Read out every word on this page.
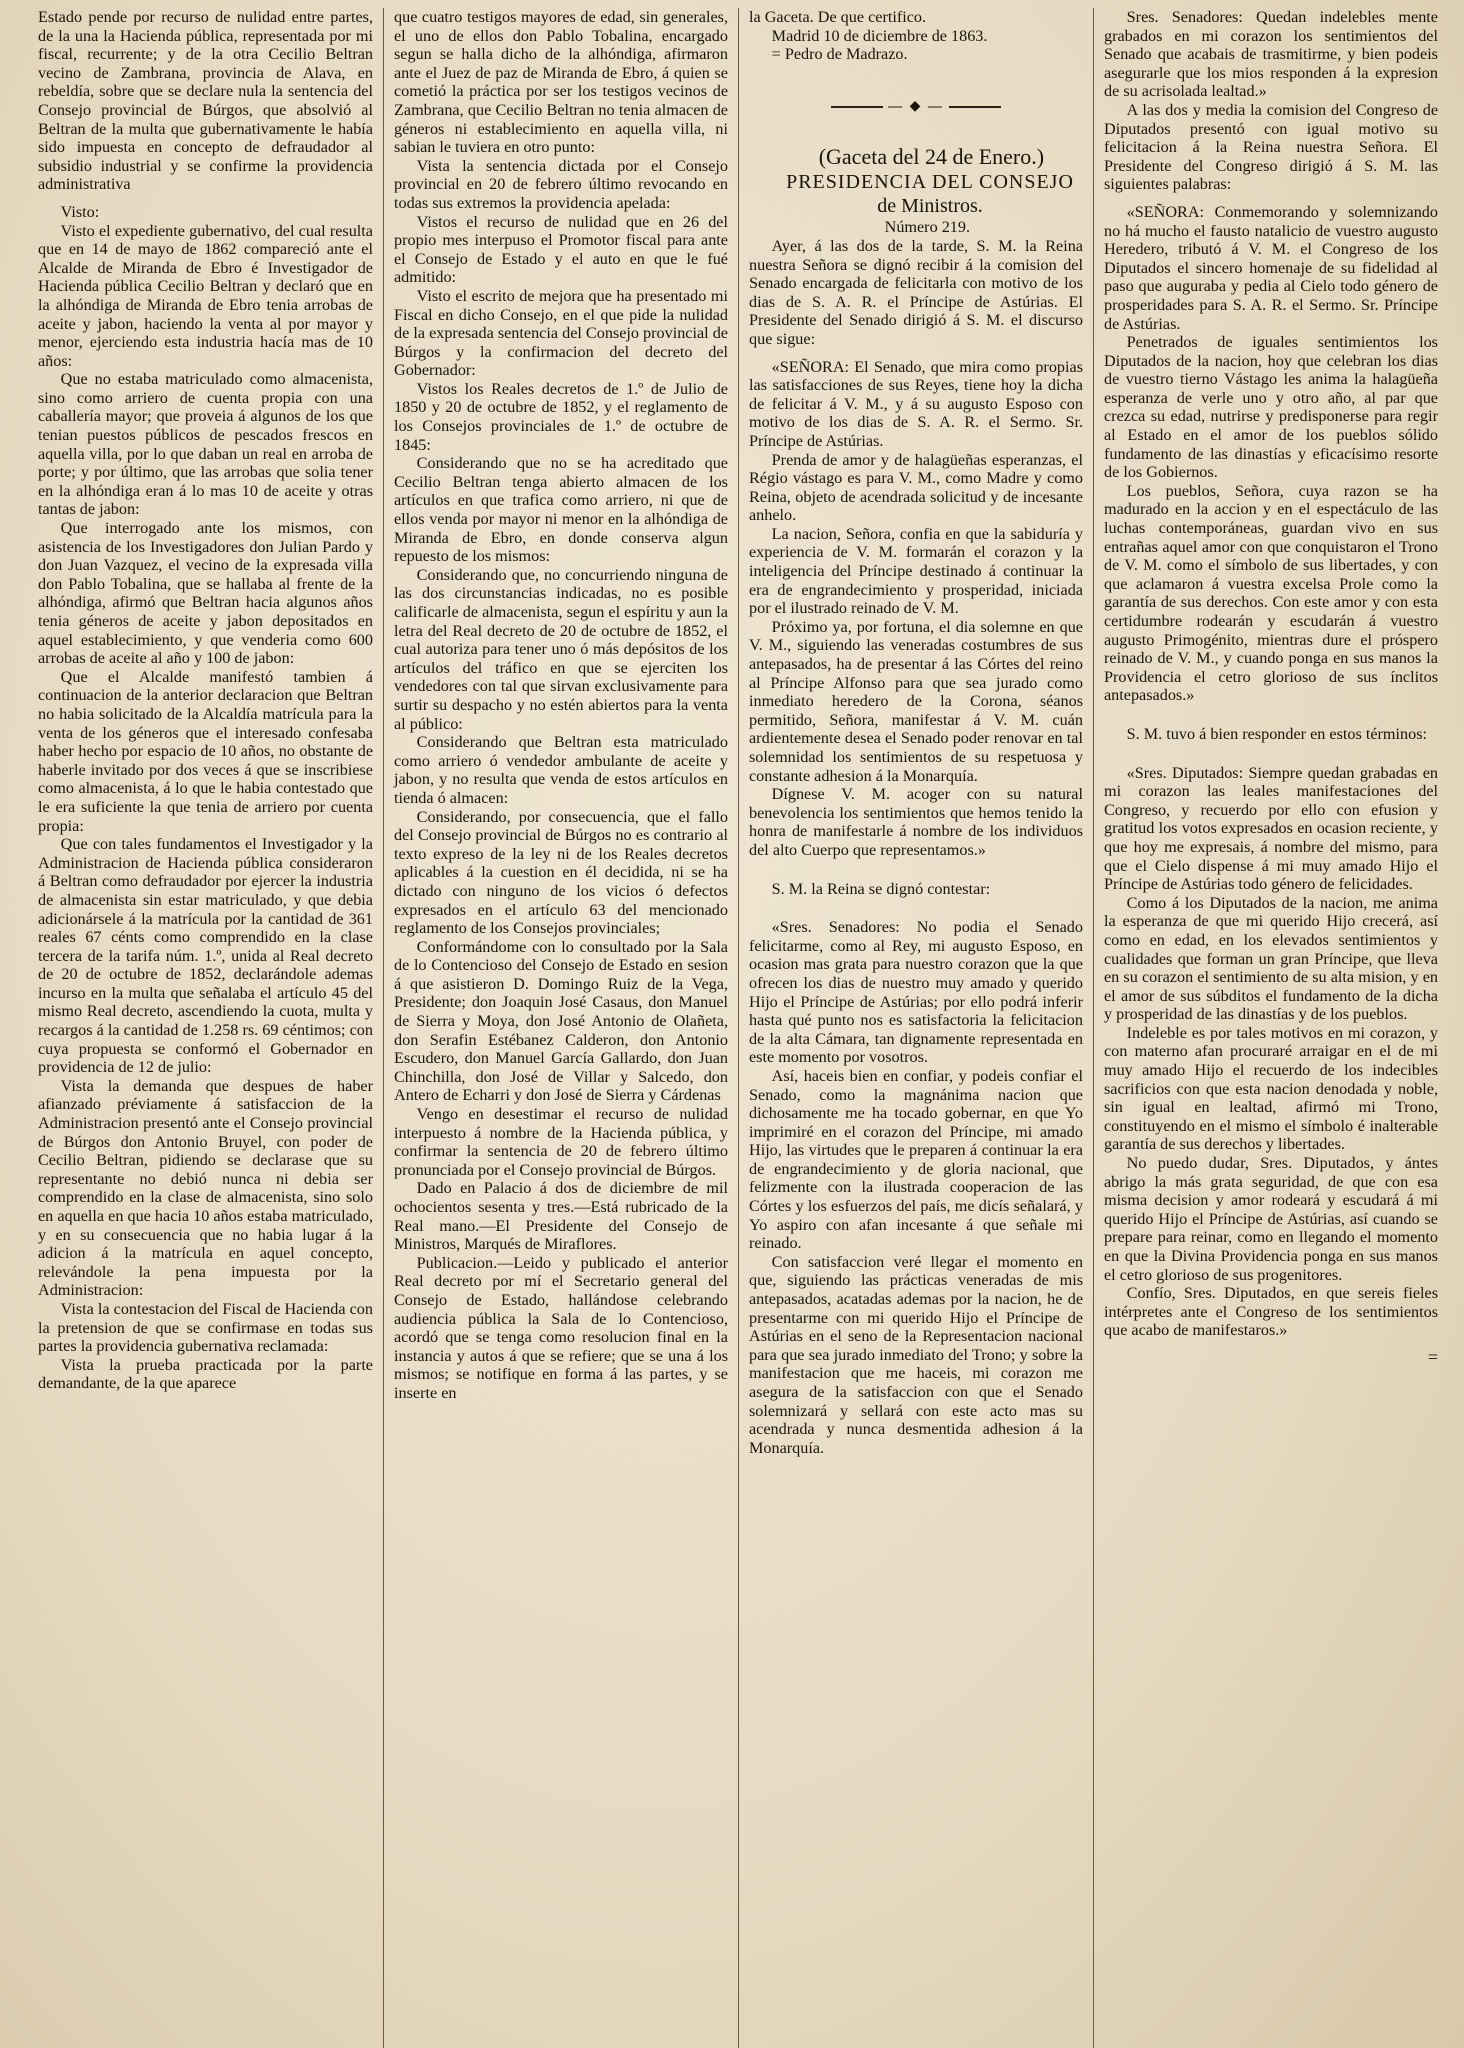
Estado pende por recurso de nulidad entre partes, de la una la Hacienda pública, representada por mi fiscal, recurrente; y de la otra Cecilio Beltran vecino de Zambrana, provincia de Alava, en rebeldía, sobre que se declare nula la sentencia del Consejo provincial de Búrgos, que absolvió al Beltran de la multa que gubernativamente le había sido impuesta en concepto de defraudador al subsidio industrial y se confirme la providencia administrativa

Visto:

Visto el expediente gubernativo, del cual resulta que en 14 de mayo de 1862 compareció ante el Alcalde de Miranda de Ebro é Investigador de Hacienda pública Cecilio Beltran y declaró que en la alhóndiga de Miranda de Ebro tenia arrobas de aceite y jabon, haciendo la venta al por mayor y menor, ejerciendo esta industria hacía mas de 10 años:

Que no estaba matriculado como almacenista, sino como arriero de cuenta propia con una caballería mayor; que proveia á algunos de los que tenian puestos públicos de pescados frescos en aquella villa, por lo que daban un real en arroba de porte; y por último, que las arrobas que solia tener en la alhóndiga eran á lo mas 10 de aceite y otras tantas de jabon:

Que interrogado ante los mismos, con asistencia de los Investigadores don Julian Pardo y don Juan Vazquez, el vecino de la expresada villa don Pablo Tobalina, que se hallaba al frente de la alhóndiga, afirmó que Beltran hacia algunos años tenia géneros de aceite y jabon depositados en aquel establecimiento, y que venderia como 600 arrobas de aceite al año y 100 de jabon:

Que el Alcalde manifestó tambien á continuacion de la anterior declaracion que Beltran no habia solicitado de la Alcaldía matrícula para la venta de los géneros que el interesado confesaba haber hecho por espacio de 10 años, no obstante de haberle invitado por dos veces á que se inscribiese como almacenista, á lo que le habia contestado que le era suficiente la que tenia de arriero por cuenta propia:

Que con tales fundamentos el Investigador y la Administracion de Hacienda pública consideraron á Beltran como defraudador por ejercer la industria de almacenista sin estar matriculado, y que debia adicionársele á la matrícula por la cantidad de 361 reales 67 cénts como comprendido en la clase tercera de la tarifa núm. 1.º, unida al Real decreto de 20 de octubre de 1852, declarándole ademas incurso en la multa que señalaba el artículo 45 del mismo Real decreto, ascendiendo la cuota, multa y recargos á la cantidad de 1.258 rs. 69 céntimos; con cuya propuesta se conformó el Gobernador en providencia de 12 de julio:

Vista la demanda que despues de haber afianzado préviamente á satisfaccion de la Administracion presentó ante el Consejo provincial de Búrgos don Antonio Bruyel, con poder de Cecilio Beltran, pidiendo se declarase que su representante no debió nunca ni debia ser comprendido en la clase de almacenista, sino solo en aquella en que hacia 10 años estaba matriculado, y en su consecuencia que no habia lugar á la adicion á la matrícula en aquel concepto, relevándole la pena impuesta por la Administracion:

Vista la contestacion del Fiscal de Hacienda con la pretension de que se confirmase en todas sus partes la providencia gubernativa reclamada:

Vista la prueba practicada por la parte demandante, de la que aparece

que cuatro testigos mayores de edad, sin generales, el uno de ellos don Pablo Tobalina, encargado segun se halla dicho de la alhóndiga, afirmaron ante el Juez de paz de Miranda de Ebro, á quien se cometió la práctica por ser los testigos vecinos de Zambrana, que Cecilio Beltran no tenia almacen de géneros ni establecimiento en aquella villa, ni sabian le tuviera en otro punto:

Vista la sentencia dictada por el Consejo provincial en 20 de febrero último revocando en todas sus extremos la providencia apelada:

Vistos el recurso de nulidad que en 26 del propio mes interpuso el Promotor fiscal para ante el Consejo de Estado y el auto en que le fué admitido:

Visto el escrito de mejora que ha presentado mi Fiscal en dicho Consejo, en el que pide la nulidad de la expresada sentencia del Consejo provincial de Búrgos y la confirmacion del decreto del Gobernador:

Vistos los Reales decretos de 1.º de Julio de 1850 y 20 de octubre de 1852, y el reglamento de los Consejos provinciales de 1.º de octubre de 1845:

Considerando que no se ha acreditado que Cecilio Beltran tenga abierto almacen de los artículos en que trafica como arriero, ni que de ellos venda por mayor ni menor en la alhóndiga de Miranda de Ebro, en donde conserva algun repuesto de los mismos:

Considerando que, no concurriendo ninguna de las dos circunstancias indicadas, no es posible calificarle de almacenista, segun el espíritu y aun la letra del Real decreto de 20 de octubre de 1852, el cual autoriza para tener uno ó más depósitos de los artículos del tráfico en que se ejerciten los vendedores con tal que sirvan exclusivamente para surtir su despacho y no estén abiertos para la venta al público:

Considerando que Beltran esta matriculado como arriero ó vendedor ambulante de aceite y jabon, y no resulta que venda de estos artículos en tienda ó almacen:

Considerando, por consecuencia, que el fallo del Consejo provincial de Búrgos no es contrario al texto expreso de la ley ni de los Reales decretos aplicables á la cuestion en él decidida, ni se ha dictado con ninguno de los vicios ó defectos expresados en el artículo 63 del mencionado reglamento de los Consejos provinciales;

Conformándome con lo consultado por la Sala de lo Contencioso del Consejo de Estado en sesion á que asistieron D. Domingo Ruiz de la Vega, Presidente; don Joaquin José Casaus, don Manuel de Sierra y Moya, don José Antonio de Olañeta, don Serafin Estébanez Calderon, don Antonio Escudero, don Manuel García Gallardo, don Juan Chinchilla, don José de Villar y Salcedo, don Antero de Echarri y don José de Sierra y Cárdenas

Vengo en desestimar el recurso de nulidad interpuesto á nombre de la Hacienda pública, y confirmar la sentencia de 20 de febrero último pronunciada por el Consejo provincial de Búrgos.

Dado en Palacio á dos de diciembre de mil ochocientos sesenta y tres.—Está rubricado de la Real mano.—El Presidente del Consejo de Ministros, Marqués de Miraflores.

Publicacion.—Leido y publicado el anterior Real decreto por mí el Secretario general del Consejo de Estado, hallándose celebrando audiencia pública la Sala de lo Contencioso, acordó que se tenga como resolucion final en la instancia y autos á que se refiere; que se una á los mismos; se notifique en forma á las partes, y se inserte en

la Gaceta. De que certifico.

Madrid 10 de diciembre de 1863.

= Pedro de Madrazo.

— ◆ —

(Gaceta del 24 de Enero.)

PRESIDENCIA DEL CONSEJO

de Ministros.

Número 219.

Ayer, á las dos de la tarde, S. M. la Reina nuestra Señora se dignó recibir á la comision del Senado encargada de felicitarla con motivo de los dias de S. A. R. el Príncipe de Astúrias. El Presidente del Senado dirigió á S. M. el discurso que sigue:

«SEÑORA: El Senado, que mira como propias las satisfacciones de sus Reyes, tiene hoy la dicha de felicitar á V. M., y á su augusto Esposo con motivo de los dias de S. A. R. el Sermo. Sr. Príncipe de Astúrias.

Prenda de amor y de halagüeñas esperanzas, el Régio vástago es para V. M., como Madre y como Reina, objeto de acendrada solicitud y de incesante anhelo.

La nacion, Señora, confia en que la sabiduría y experiencia de V. M. formarán el corazon y la inteligencia del Príncipe destinado á continuar la era de engrandecimiento y prosperidad, iniciada por el ilustrado reinado de V. M.

Próximo ya, por fortuna, el dia solemne en que V. M., siguiendo las veneradas costumbres de sus antepasados, ha de presentar á las Córtes del reino al Príncipe Alfonso para que sea jurado como inmediato heredero de la Corona, séanos permitido, Señora, manifestar á V. M. cuán ardientemente desea el Senado poder renovar en tal solemnidad los sentimientos de su respetuosa y constante adhesion á la Monarquía.

Dígnese V. M. acoger con su natural benevolencia los sentimientos que hemos tenido la honra de manifestarle á nombre de los individuos del alto Cuerpo que representamos.»

S. M. la Reina se dignó contestar:

«Sres. Senadores: No podia el Senado felicitarme, como al Rey, mi augusto Esposo, en ocasion mas grata para nuestro corazon que la que ofrecen los dias de nuestro muy amado y querido Hijo el Príncipe de Astúrias; por ello podrá inferir hasta qué punto nos es satisfactoria la felicitacion de la alta Cámara, tan dignamente representada en este momento por vosotros.

Así, haceis bien en confiar, y podeis confiar el Senado, como la magnánima nacion que dichosamente me ha tocado gobernar, en que Yo imprimiré en el corazon del Príncipe, mi amado Hijo, las virtudes que le preparen á continuar la era de engrandecimiento y de gloria nacional, que felizmente con la ilustrada cooperacion de las Córtes y los esfuerzos del país, me dicís señalará, y Yo aspiro con afan incesante á que señale mi reinado.

Con satisfaccion veré llegar el momento en que, siguiendo las prácticas veneradas de mis antepasados, acatadas ademas por la nacion, he de presentarme con mi querido Hijo el Príncipe de Astúrias en el seno de la Representacion nacional para que sea jurado inmediato del Trono; y sobre la manifestacion que me haceis, mi corazon me asegura de la satisfaccion con que el Senado solemnizará y sellará con este acto mas su acendrada y nunca desmentida adhesion á la Monarquía.

Sres. Senadores: Quedan indelebles mente grabados en mi corazon los sentimientos del Senado que acabais de trasmitirme, y bien podeis asegurarle que los mios responden á la expresion de su acrisolada lealtad.»

A las dos y media la comision del Congreso de Diputados presentó con igual motivo su felicitacion á la Reina nuestra Señora. El Presidente del Congreso dirigió á S. M. las siguientes palabras:

«SEÑORA: Conmemorando y solemnizando no há mucho el fausto natalicio de vuestro augusto Heredero, tributó á V. M. el Congreso de los Diputados el sincero homenaje de su fidelidad al paso que auguraba y pedia al Cielo todo género de prosperidades para S. A. R. el Sermo. Sr. Príncipe de Astúrias.

Penetrados de iguales sentimientos los Diputados de la nacion, hoy que celebran los dias de vuestro tierno Vástago les anima la halagüeña esperanza de verle uno y otro año, al par que crezca su edad, nutrirse y predisponerse para regir al Estado en el amor de los pueblos sólido fundamento de las dinastías y eficacísimo resorte de los Gobiernos.

Los pueblos, Señora, cuya razon se ha madurado en la accion y en el espectáculo de las luchas contemporáneas, guardan vivo en sus entrañas aquel amor con que conquistaron el Trono de V. M. como el símbolo de sus libertades, y con que aclamaron á vuestra excelsa Prole como la garantía de sus derechos. Con este amor y con esta certidumbre rodearán y escudarán á vuestro augusto Primogénito, mientras dure el próspero reinado de V. M., y cuando ponga en sus manos la Providencia el cetro glorioso de sus ínclitos antepasados.»

S. M. tuvo á bien responder en estos términos:

«Sres. Diputados: Siempre quedan grabadas en mi corazon las leales manifestaciones del Congreso, y recuerdo por ello con efusion y gratitud los votos expresados en ocasion reciente, y que hoy me expresais, á nombre del mismo, para que el Cielo dispense á mi muy amado Hijo el Príncipe de Astúrias todo género de felicidades.

Como á los Diputados de la nacion, me anima la esperanza de que mi querido Hijo crecerá, así como en edad, en los elevados sentimientos y cualidades que forman un gran Príncipe, que lleva en su corazon el sentimiento de su alta mision, y en el amor de sus súbditos el fundamento de la dicha y prosperidad de las dinastías y de los pueblos.

Indeleble es por tales motivos en mi corazon, y con materno afan procuraré arraigar en el de mi muy amado Hijo el recuerdo de los indecibles sacrificios con que esta nacion denodada y noble, sin igual en lealtad, afirmó mi Trono, constituyendo en el mismo el símbolo é inalterable garantía de sus derechos y libertades.

No puedo dudar, Sres. Diputados, y ántes abrigo la más grata seguridad, de que con esa misma decision y amor rodeará y escudará á mi querido Hijo el Príncipe de Astúrias, así cuando se prepare para reinar, como en llegando el momento en que la Divina Providencia ponga en sus manos el cetro glorioso de sus progenitores.

Confío, Sres. Diputados, en que sereis fieles intérpretes ante el Congreso de los sentimientos que acabo de manifestaros.»

=
